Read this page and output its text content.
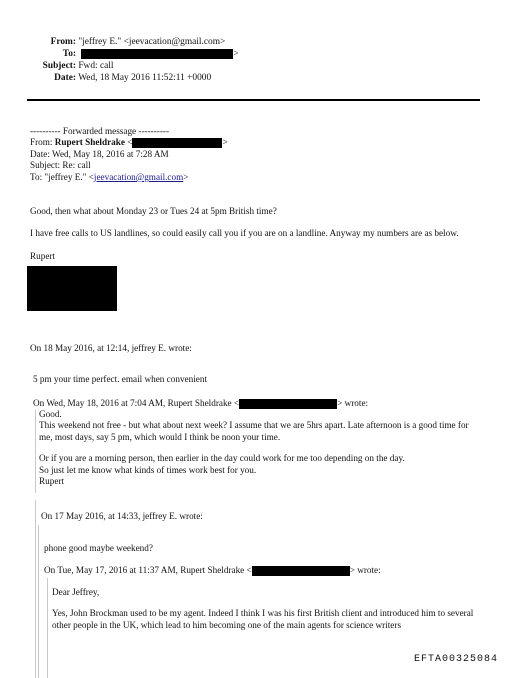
From: "jeffrey E." <jeevacation@gmail.com>
To:	>
Subject: Fwd: call
Date: Wed, 18 May 2016 11:52:11 +0000
---------- Forwarded message ----------
From: Rupert Sheldrake <	>
Date: Wed, May 18, 2016 at 7:28 AM
Subject: Re: call
To: "jeffrey E." <jeevacation@gmail.com>
Good, then what about Monday 23 or Tues 24 at 5pm British time?
I have free calls to US landlines, so could easily call you if you are on a landline. Anyway my numbers are as below.
Rupert
On 18 May 2016, at 12:14, jeffrey E. wrote:
5 pm your time perfect. email when convenient
On Wed, May 18, 2016 at 7:04 AM, Rupert Sheldrake <	> wrote:
Good.
This weekend not free - but what about next week? I assume that we are 5hrs apart. Late afternoon is a good time for me, most days, say 5 pm, which would I think be noon your time.
Or if you are a morning person, then earlier in the day could work for me too depending on the day.
So just let me know what kinds of times work best for you.
Rupert
On 17 May 2016, at 14:33, jeffrey E. wrote:
phone good maybe weekend?
On Tue, May 17, 2016 at 11:37 AM, Rupert Sheldrake <	> wrote:
Dear Jeffrey,
Yes, John Brockman used to be my agent. Indeed I think I was his first British client and introduced him to several other people in the UK, which lead to him becoming one of the main agents for science writers
EFTA00325084
